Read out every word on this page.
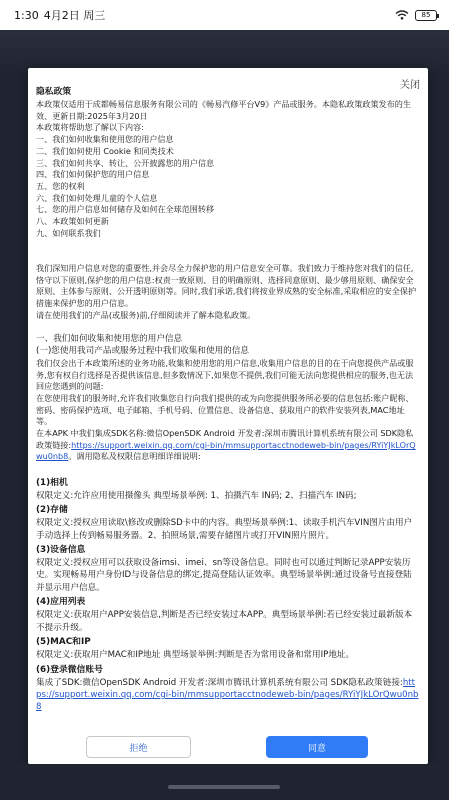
1:30 4月2日 周三	85
关闭

隐私政策

本政策仅适用于成都畅易信息服务有限公司的《畅易汽修平台V9》产品或服务。本隐私政策政策发布的生效、更新日期:2025年3月20日

本政策将帮助您了解以下内容:

一、我们如何收集和使用您的用户信息

二、我们如何使用 Cookie 和同类技术

三、我们如何共享、转让、公开披露您的用户信息

四、我们如何保护您的用户信息

五、您的权利

六、我们如何处理儿童的个人信息

七、您的用户信息如何储存及如何在全球范围转移

八、本政策如何更新

九、如何联系我们

我们深知用户信息对您的重要性,并会尽全力保护您的用户信息安全可靠。我们致力于维持您对我们的信任,恪守以下原则,保护您的用户信息:权责一致原则、目的明确原则、选择同意原则、最少够用原则、确保安全原则、主体参与原则、公开透明原则等。同时,我们承诺,我们将按业界成熟的安全标准,采取相应的安全保护措施来保护您的用户信息。

请在使用我们的产品(或服务)前,仔细阅读并了解本隐私政策。

一、我们如何收集和使用您的用户信息

(一)您使用我司产品或服务过程中我们收集和使用的信息

我们仅会出于本政策所述的业务功能,收集和使用您的用户信息,收集用户信息的目的在于向您提供产品或服务,您有权自行选择是否提供该信息,但多数情况下,如果您不提供,我们可能无法向您提供相应的服务,也无法回应您遇到的问题:

在您使用我们的服务时,允许我们收集您自行向我们提供的或为向您提供服务所必要的信息包括:账户昵称、密码、密码保护选项、电子邮箱、手机号码、位置信息、设备信息、获取用户的软件安装列表,MAC地址等。

在本APK 中我们集成SDK名称:微信OpenSDK Android 开发者:深圳市腾讯计算机系统有限公司 SDK隐私政策链接:https://support.weixin.qq.com/cgi-bin/mmsupportacctnodeweb-bin/pages/RYiYJkLOrQwu0nb8。调用隐私及权限信息明细详细说明:

(1)相机

权限定义:允许应用使用摄像头 典型场景举例: 1、拍摄汽车 IN码; 2、扫描汽车 IN码;

(2)存储

权限定义:授权应用读取\修改或删除SD卡中的内容。典型场景举例:1、读取手机汽车VIN图片由用户手动选择上传到畅易服务器。2、拍照场景,需要存储图片或打开VIN照片照片。

(3)设备信息

权限定义:授权应用可以获取设备imsi、imei、sn等设备信息。同时也可以通过判断记录APP安装历史。实现畅易用户身份ID与设备信息的绑定,提高登陆认证效率。典型场景举例:通过设备号直接登陆并显示用户信息。

(4)应用列表

权限定义:获取用户APP安装信息,判断是否已经安装过本APP。典型场景举例:若已经安装过最新版本不提示升级。

(5)MAC和IP

权限定义:获取用户MAC和IP地址 典型场景举例:判断是否为常用设备和常用IP地址。

(6)登录微信账号

集成了SDK:微信OpenSDK Android 开发者:深圳市腾讯计算机系统有限公司 SDK隐私政策链接:https://support.weixin.qq.com/cgi-bin/mmsupportacctnodeweb-bin/pages/RYiYJkLOrQwu0nb8

拒绝	同意
